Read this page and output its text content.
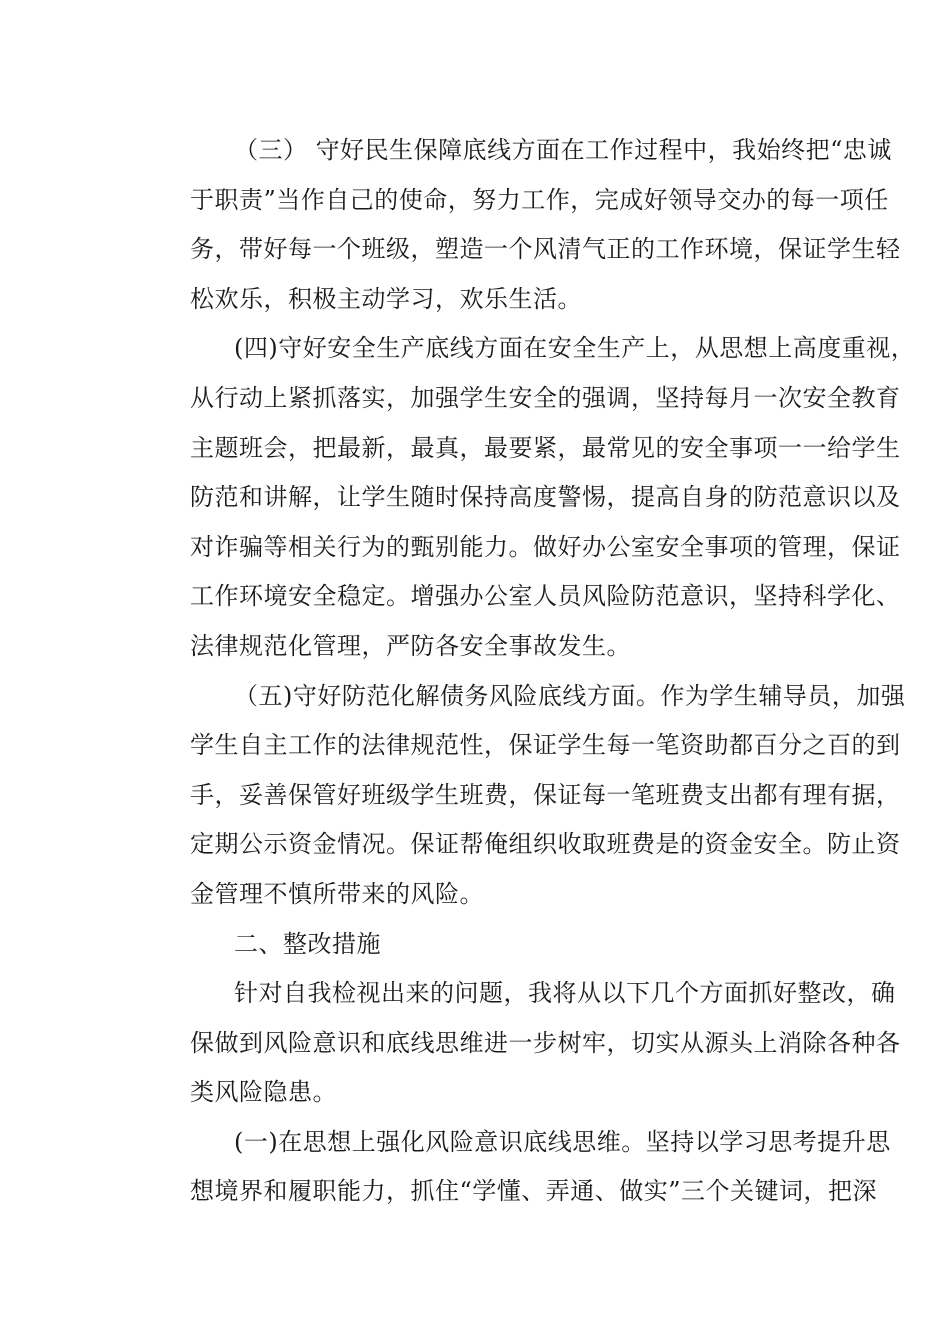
（三） 守好民生保障底线方面在工作过程中，我始终把“忠诚
于职责”当作自己的使命，努力工作，完成好领导交办的每一项任
务，带好每一个班级，塑造一个风清气正的工作环境，保证学生轻
松欢乐，积极主动学习，欢乐生活。
(四)守好安全生产底线方面在安全生产上，从思想上高度重视，
从行动上紧抓落实，加强学生安全的强调，坚持每月一次安全教育
主题班会，把最新，最真，最要紧，最常见的安全事项一一给学生
防范和讲解，让学生随时保持高度警惕，提高自身的防范意识以及
对诈骗等相关行为的甄别能力。做好办公室安全事项的管理，保证
工作环境安全稳定。增强办公室人员风险防范意识，坚持科学化、
法律规范化管理，严防各安全事故发生。
（五)守好防范化解债务风险底线方面。作为学生辅导员，加强
学生自主工作的法律规范性，保证学生每一笔资助都百分之百的到
手，妥善保管好班级学生班费，保证每一笔班费支出都有理有据，
定期公示资金情况。保证帮俺组织收取班费是的资金安全。防止资
金管理不慎所带来的风险。
二、整改措施
针对自我检视出来的问题，我将从以下几个方面抓好整改，确
保做到风险意识和底线思维进一步树牢，切实从源头上消除各种各
类风险隐患。
(一)在思想上强化风险意识底线思维。坚持以学习思考提升思
想境界和履职能力，抓住“学懂、弄通、做实”三个关键词，把深
